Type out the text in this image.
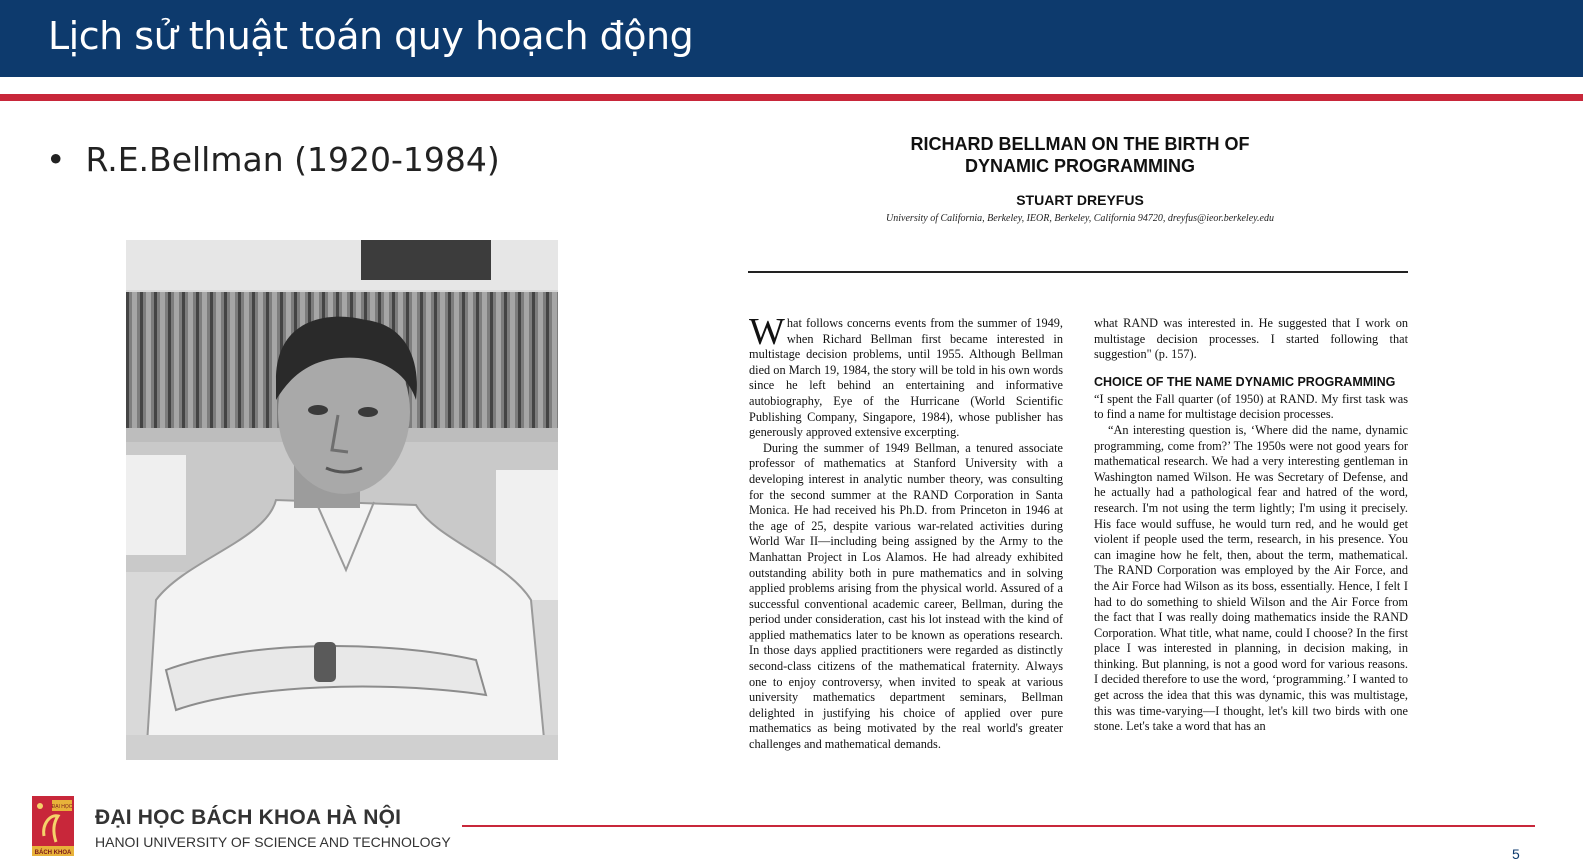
Lịch sử thuật toán quy hoạch động
• R.E.Bellman (1920-1984)	RICHARD BELLMAN ON THE BIRTH OF
DYNAMIC PROGRAMMING
STUART DREYFUS
University of California, Berkeley, IEOR, Berkeley, California 94720, dreyfus@ieor.berkeley.edu

What follows concerns events from the summer of 1949, when Richard Bellman first became interested in multistage decision problems, until 1955. Although Bellman died on March 19, 1984, the story will be told in his own words since he left behind an entertaining and informative autobiography, Eye of the Hurricane (World Scientific Publishing Company, Singapore, 1984), whose publisher has generously approved extensive excerpting.

During the summer of 1949 Bellman, a tenured associate professor of mathematics at Stanford University with a developing interest in analytic number theory, was consulting for the second summer at the RAND Corporation in Santa Monica. He had received his Ph.D. from Princeton in 1946 at the age of 25, despite various war-related activities during World War II—including being assigned by the Army to the Manhattan Project in Los Alamos. He had already exhibited outstanding ability both in pure mathematics and in solving applied problems arising from the physical world. Assured of a successful conventional academic career, Bellman, during the period under consideration, cast his lot instead with the kind of applied mathematics later to be known as operations research. In those days applied practitioners were regarded as distinctly second-class citizens of the mathematical fraternity. Always one to enjoy controversy, when invited to speak at various university mathematics department seminars, Bellman delighted in justifying his choice of applied over pure mathematics as being motivated by the real world's greater challenges and mathematical demands.

what RAND was interested in. He suggested that I work on multistage decision processes. I started following that suggestion" (p. 157).

CHOICE OF THE NAME DYNAMIC PROGRAMMING

“I spent the Fall quarter (of 1950) at RAND. My first task was to find a name for multistage decision processes.

“An interesting question is, ‘Where did the name, dynamic programming, come from?’ The 1950s were not good years for mathematical research. We had a very interesting gentleman in Washington named Wilson. He was Secretary of Defense, and he actually had a pathological fear and hatred of the word, research. I'm not using the term lightly; I'm using it precisely. His face would suffuse, he would turn red, and he would get violent if people used the term, research, in his presence. You can imagine how he felt, then, about the term, mathematical. The RAND Corporation was employed by the Air Force, and the Air Force had Wilson as its boss, essentially. Hence, I felt I had to do something to shield Wilson and the Air Force from the fact that I was really doing mathematics inside the RAND Corporation. What title, what name, could I choose? In the first place I was interested in planning, in decision making, in thinking. But planning, is not a good word for various reasons. I decided therefore to use the word, ‘programming.’ I wanted to get across the idea that this was dynamic, this was multistage, this was time-varying—I thought, let's kill two birds with one stone. Let's take a word that has an

ĐẠI HỌC
BÁCH KHOA
ĐẠI HỌC BÁCH KHOA HÀ NỘI
HANOI UNIVERSITY OF SCIENCE AND TECHNOLOGY
5
